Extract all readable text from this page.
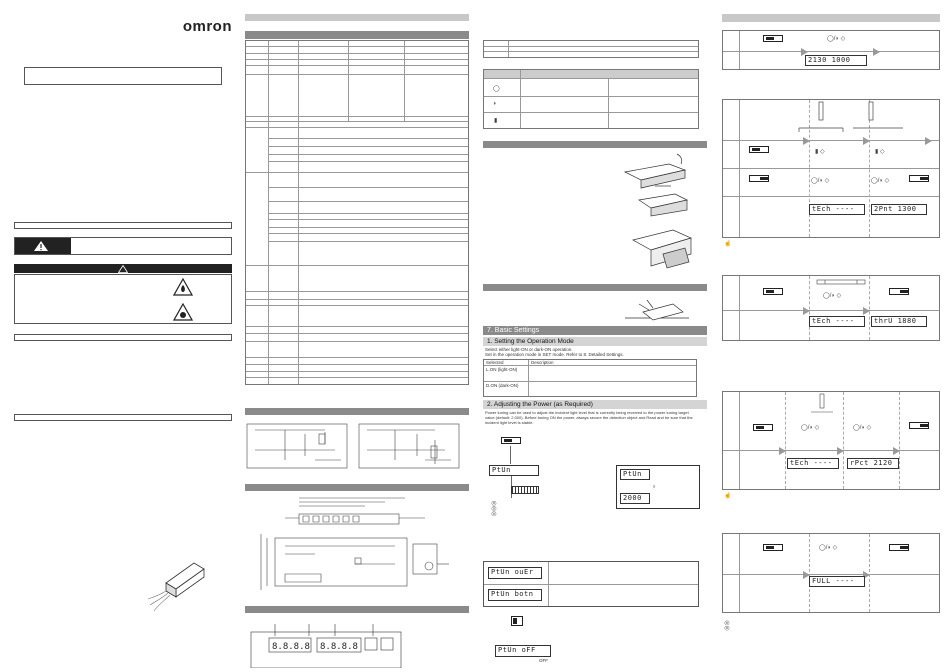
omron
8.8.8.8 8.8.8.8
◯
◗
▮
7. Basic Settings
1. Setting the Operation Mode
Select either light-ON or dark-ON operation.
Set in the operation mode in SET mode. Refer to 8. Detailed Settings.
Selected	Description
L.ON (light-ON)
D.ON (dark-ON)
2. Adjusting the Power (as Required)
Power tuning can be used to adjust the incident light level that is currently being received to the power tuning target
value (default: 2,000). Before tuning ON the power, always secure the detection object and Read and be sure that the
incident light level is stable.
PtUn
◎◎◎
PtUn
◊
2000
PtUn ouEr
PtUn botn
PtUn oFF
OFF
◯/◗ ◇
2130 1000
▮ ◇	▮ ◇
◯/◗ ◇	◯/◗ ◇
tEch ----	2Pnt 1300
☝
◯/◗ ◇
tEch ----	thrU 1880
◯/◗ ◇	◯/◗ ◇
tEch ----	rPct 2120
☝
◯/◗ ◇
FULL ----
◎◎
